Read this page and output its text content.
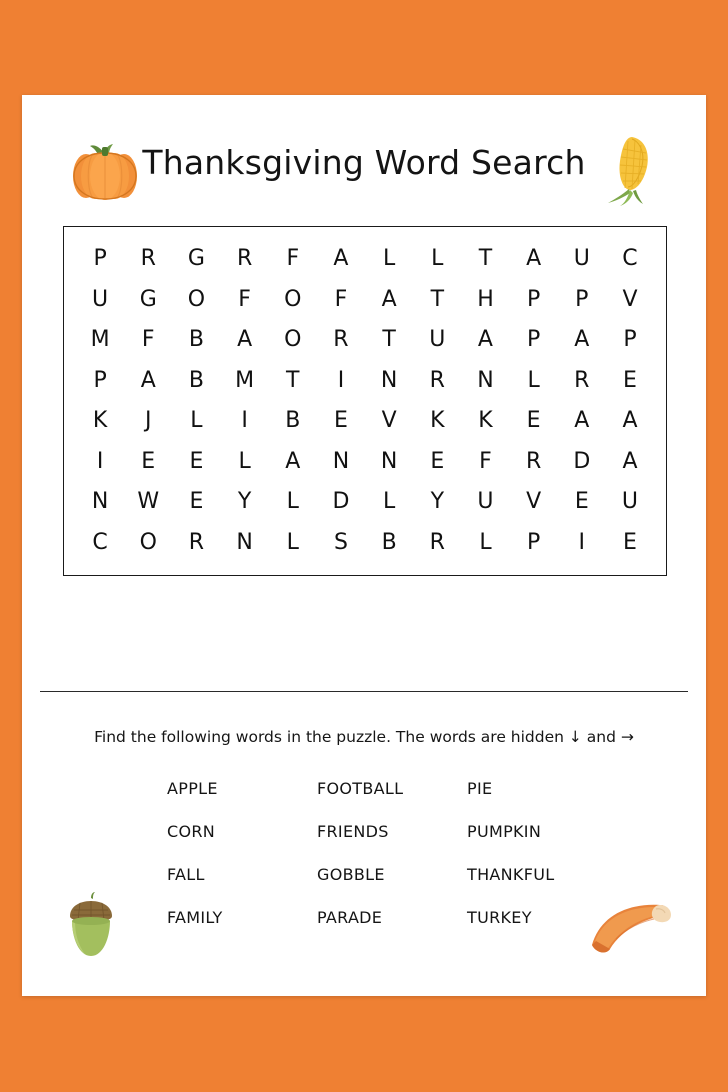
Thanksgiving Word Search
P	R	G	R	F	A	L	L	T	A	U	C
U	G	O	F	O	F	A	T	H	P	P	V
M	F	B	A	O	R	T	U	A	P	A	P
P	A	B	M	T	I	N	R	N	L	R	E
K	J	L	I	B	E	V	K	K	E	A	A
I	E	E	L	A	N	N	E	F	R	D	A
N	W	E	Y	L	D	L	Y	U	V	E	U
C	O	R	N	L	S	B	R	L	P	I	E
Find the following words in the puzzle. The words are hidden ↓ and →
APPLE	FOOTBALL	PIE
CORN	FRIENDS	PUMPKIN
FALL	GOBBLE	THANKFUL
FAMILY	PARADE	TURKEY
